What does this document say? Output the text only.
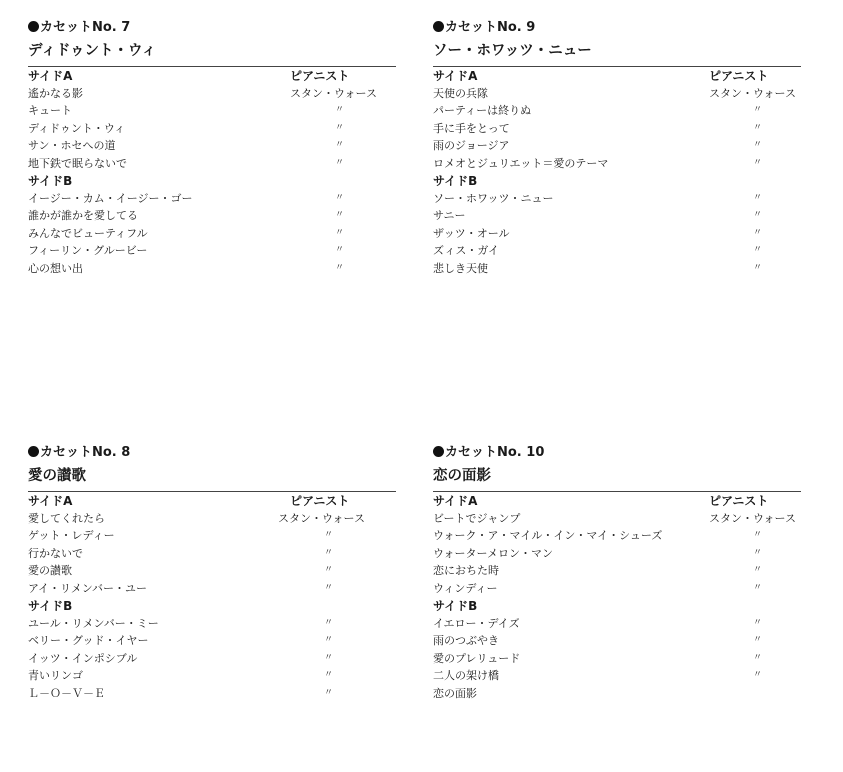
カセットNo. 7
ディドゥント・ウィ
サイドA	ピアニスト
遙かなる影	スタン・ウォース
キュート	〃
ディドゥント・ウィ	〃
サン・ホセへの道	〃
地下鉄で眠らないで	〃
サイドB
イージー・カム・イージー・ゴー	〃
誰かが誰かを愛してる	〃
みんなでビューティフル	〃
フィーリン・グルービー	〃
心の想い出	〃
カセットNo. 9
ソー・ホワッツ・ニュー
サイドA	ピアニスト
天使の兵隊	スタン・ウォース
パーティーは終りぬ	〃
手に手をとって	〃
雨のジョージア	〃
ロメオとジュリエット＝愛のテーマ	〃
サイドB
ソー・ホワッツ・ニュー	〃
サニー	〃
ザッツ・オール	〃
ズィス・ガイ	〃
悲しき天使	〃
カセットNo. 8
愛の讃歌
サイドA	ピアニスト
愛してくれたら	スタン・ウォース
ゲット・レディー	〃
行かないで	〃
愛の讃歌	〃
アイ・リメンバー・ユー	〃
サイドB
ユール・リメンバー・ミー	〃
ベリー・グッド・イヤー	〃
イッツ・インポシブル	〃
青いリンゴ	〃
Ｌ－Ｏ－Ｖ－Ｅ	〃
カセットNo. 10
恋の面影
サイドA	ピアニスト
ビートでジャンプ	スタン・ウォース
ウォーク・ア・マイル・イン・マイ・シューズ	〃
ウォーターメロン・マン	〃
恋におちた時	〃
ウィンディー	〃
サイドB
イエロー・デイズ	〃
雨のつぶやき	〃
愛のプレリュード	〃
二人の架け橋	〃
恋の面影
